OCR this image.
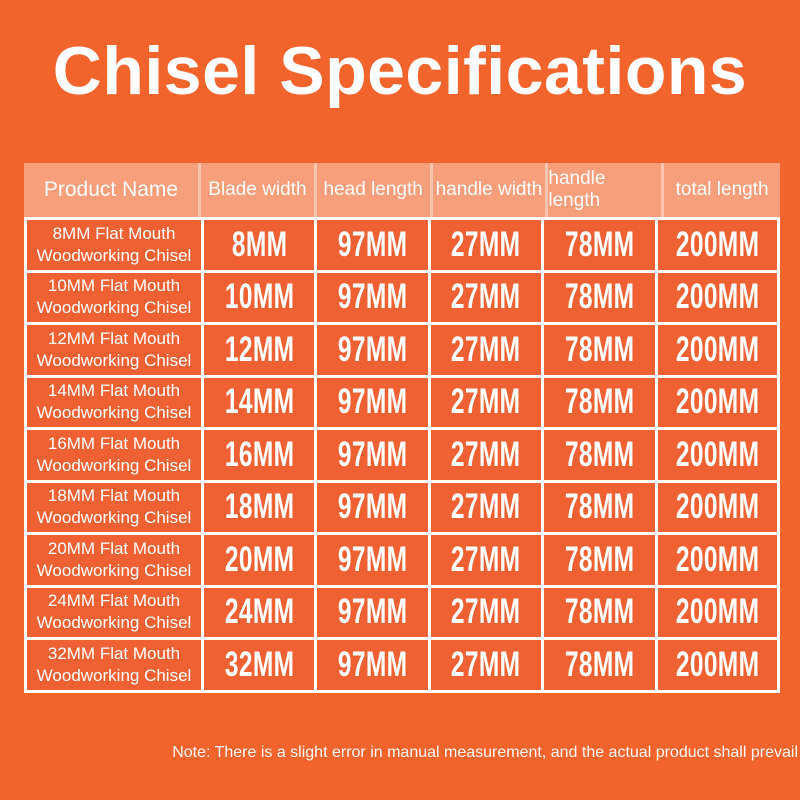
Chisel Specifications
Product Name	Blade width head length handle width
handle length
total length
8MM Flat Mouth
Woodworking Chisel 8MM 97MM 27MM 78MM 200MM
10MM Flat Mouth
Woodworking Chisel 10MM 97MM 27MM 78MM 200MM
12MM Flat Mouth
Woodworking Chisel 12MM 97MM 27MM 78MM 200MM
14MM Flat Mouth
Woodworking Chisel 14MM 97MM 27MM 78MM 200MM
16MM Flat Mouth
Woodworking Chisel 16MM 97MM 27MM 78MM 200MM
18MM Flat Mouth
Woodworking Chisel 18MM 97MM 27MM 78MM 200MM
20MM Flat Mouth
Woodworking Chisel 20MM 97MM 27MM 78MM 200MM
24MM Flat Mouth
Woodworking Chisel 24MM 97MM 27MM 78MM 200MM
32MM Flat Mouth
Woodworking Chisel 32MM 97MM 27MM 78MM 200MM

Note: There is a slight error in manual measurement, and the actual product shall prevail
